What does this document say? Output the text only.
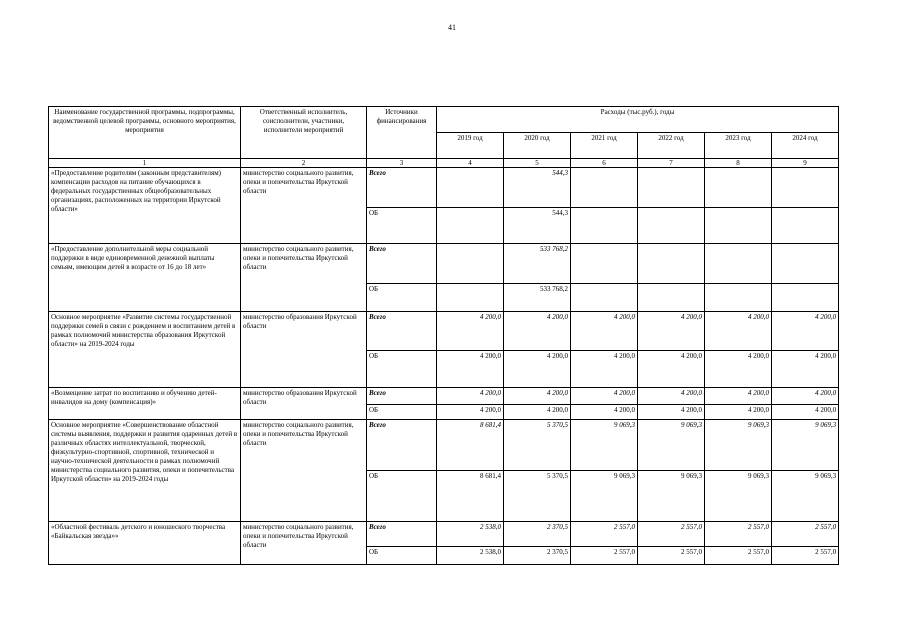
41
Наименование государственной программы, подпрограммы, ведомственной целевой программы, основного мероприятия, мероприятия	Ответственный исполнитель, соисполнители, участники, исполнители мероприятий	Источники финансирования	Расходы (тыс.руб.), годы					
			2019 год	2020 год	2021 год	2022 год	2023 год	2024 год
1	2	3	4	5	6	7	8	9
«Предоставление родителям (законным представителям) компенсации расходов на питание обучающихся в федеральных государственных общеобразовательных организациях, расположенных на территории Иркутской области»	министерство социального развития, опеки и попечительства Иркутской области	Всего		544,3				
		ОБ		544,3				
«Предоставление дополнительной меры социальной поддержки в виде единовременной денежной выплаты семьям, имеющим детей в возрасте от 16 до 18 лет»	министерство социального развития, опеки и попечительства Иркутской области	Всего		533 768,2				
		ОБ		533 768,2				
Основное мероприятие «Развитие системы государственной поддержки семей в связи с рождением и воспитанием детей в рамках полномочий министерства образования Иркутской области» на 2019-2024 годы	министерство образования Иркутской области	Всего	4 200,0	4 200,0	4 200,0	4 200,0	4 200,0	4 200,0
		ОБ	4 200,0	4 200,0	4 200,0	4 200,0	4 200,0	4 200,0
«Возмещение затрат по воспитанию и обучению детей-инвалидов на дому (компенсация)»	министерство образования Иркутской области	Всего	4 200,0	4 200,0	4 200,0	4 200,0	4 200,0	4 200,0
		ОБ	4 200,0	4 200,0	4 200,0	4 200,0	4 200,0	4 200,0
Основное мероприятие «Совершенствование областной системы выявления, поддержки и развития одаренных детей в различных областях интеллектуальной, творческой, физкультурно-спортивной, спортивной, технической и научно-технической деятельности в рамках полномочий министерства социального развития, опеки и попечительства Иркутской области» на 2019-2024 годы	министерство социального развития, опеки и попечительства Иркутской области	Всего	8 681,4	5 370,5	9 069,3	9 069,3	9 069,3	9 069,3
		ОБ	8 681,4	5 370,5	9 069,3	9 069,3	9 069,3	9 069,3
«Областной фестиваль детского и юношеского творчества «Байкальская звезда»»	министерство социального развития, опеки и попечительства Иркутской области	Всего	2 538,0	2 370,5	2 557,0	2 557,0	2 557,0	2 557,0
		ОБ	2 538,0	2 370,5	2 557,0	2 557,0	2 557,0	2 557,0
